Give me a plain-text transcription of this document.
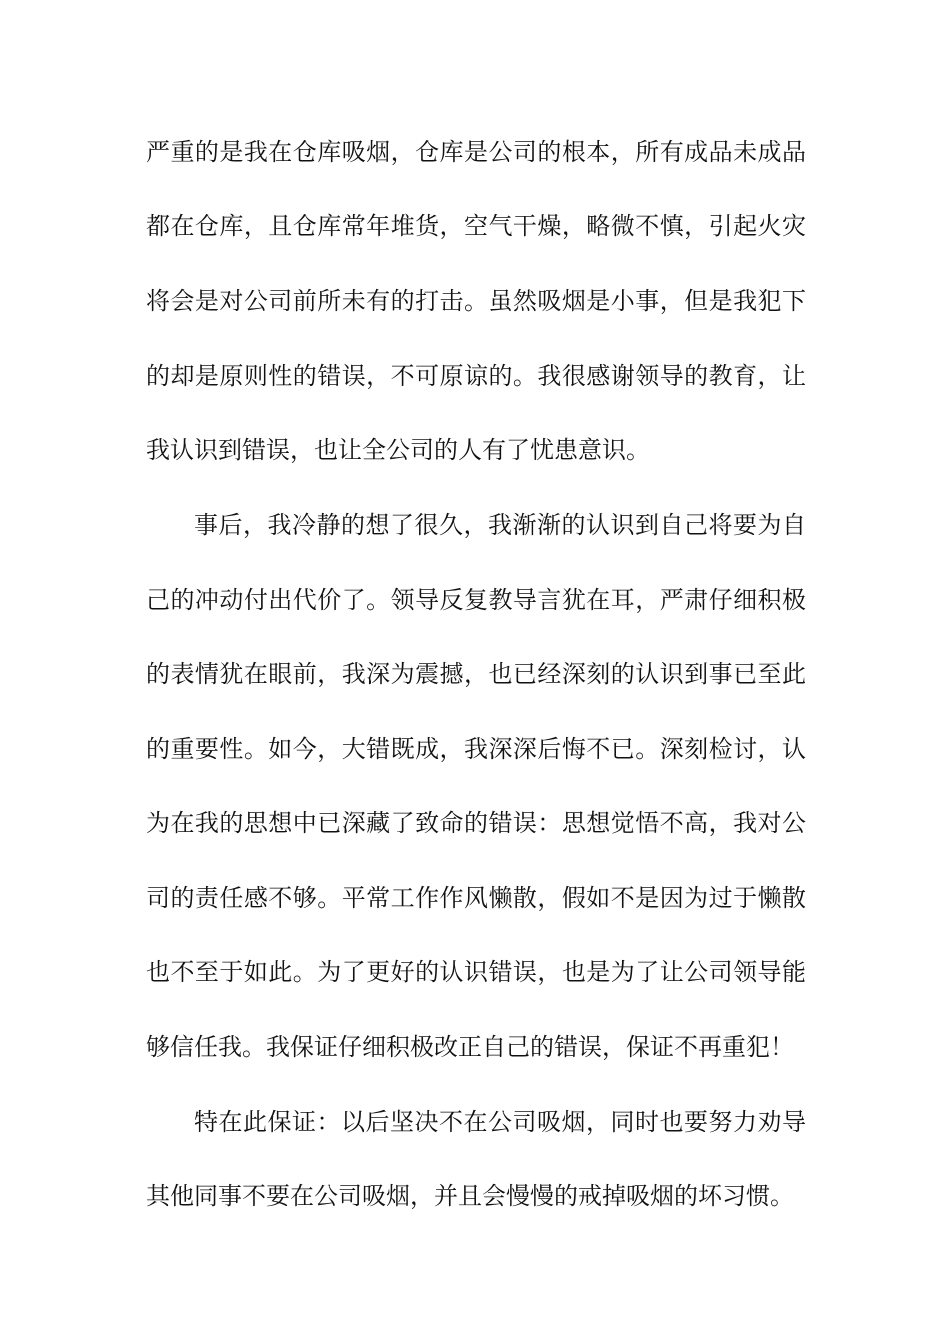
严重的是我在仓库吸烟，仓库是公司的根本，所有成品未成品
都在仓库，且仓库常年堆货，空气干燥，略微不慎，引起火灾
将会是对公司前所未有的打击。虽然吸烟是小事，但是我犯下
的却是原则性的错误，不可原谅的。我很感谢领导的教育，让
我认识到错误，也让全公司的人有了忧患意识。
事后，我冷静的想了很久，我渐渐的认识到自己将要为自
己的冲动付出代价了。领导反复教导言犹在耳，严肃仔细积极
的表情犹在眼前，我深为震撼，也已经深刻的认识到事已至此
的重要性。如今，大错既成，我深深后悔不已。深刻检讨，认
为在我的思想中已深藏了致命的错误：思想觉悟不高，我对公
司的责任感不够。平常工作作风懒散，假如不是因为过于懒散
也不至于如此。为了更好的认识错误，也是为了让公司领导能
够信任我。我保证仔细积极改正自己的错误，保证不再重犯！
特在此保证：以后坚决不在公司吸烟，同时也要努力劝导
其他同事不要在公司吸烟，并且会慢慢的戒掉吸烟的坏习惯。
